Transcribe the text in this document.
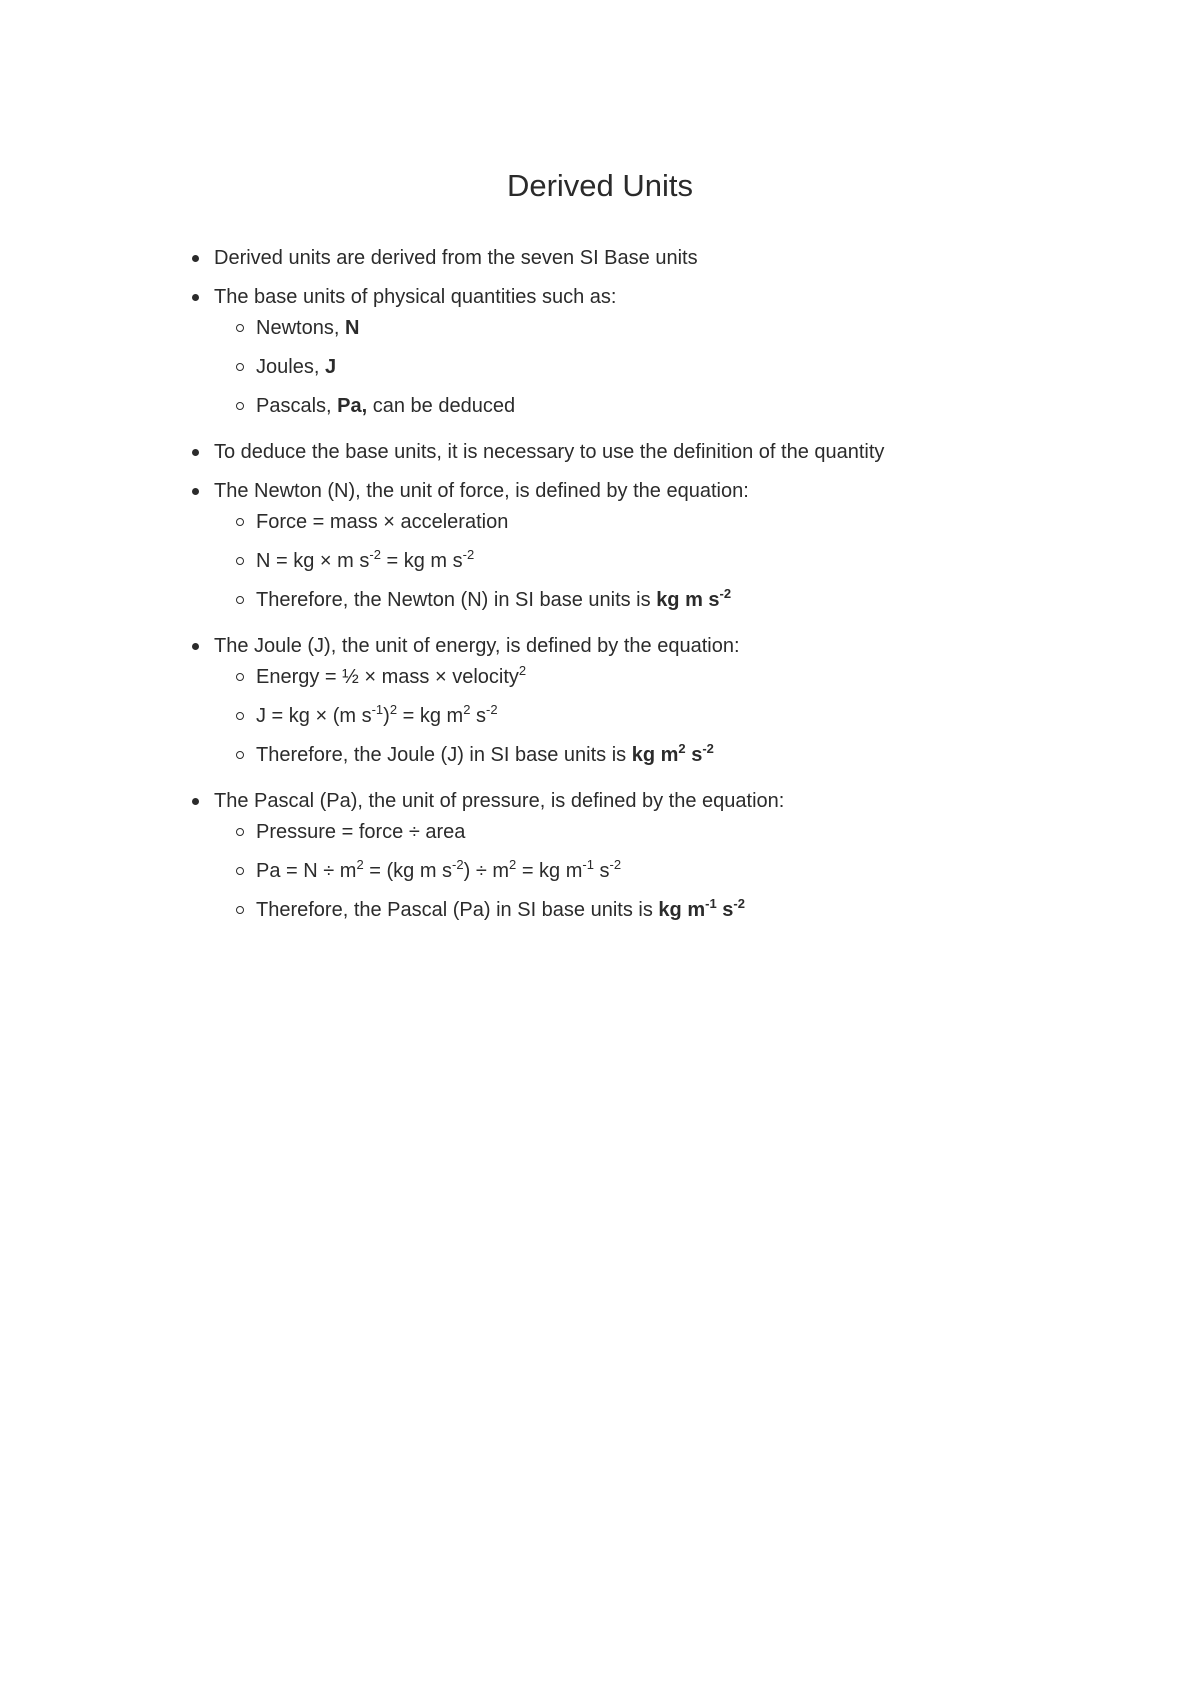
Derived Units
Derived units are derived from the seven SI Base units
The base units of physical quantities such as:
Newtons, N
Joules, J
Pascals, Pa, can be deduced
To deduce the base units, it is necessary to use the definition of the quantity
The Newton (N), the unit of force, is defined by the equation:
Force = mass × acceleration
N = kg × m $s^{-2}$ = kg m $s^{-2}$
Therefore, the Newton (N) in SI base units is kg m $s^{-2}$
The Joule (J), the unit of energy, is defined by the equation:
Energy = ½ × mass × velocity$^2$
J = kg × (m $s^{-1})^2$ = kg $m^2$ $s^{-2}$
Therefore, the Joule (J) in SI base units is kg $m^2$ $s^{-2}$
The Pascal (Pa), the unit of pressure, is defined by the equation:
Pressure = force ÷ area
$Pa = N \div m^2 = (kg$ m $s^{-2}) \div m^2$ = kg $m^{-1}$ $s^{-2}$
Therefore, the Pascal (Pa) in SI base units is kg $m^{-1}$ $s^{-2}$
